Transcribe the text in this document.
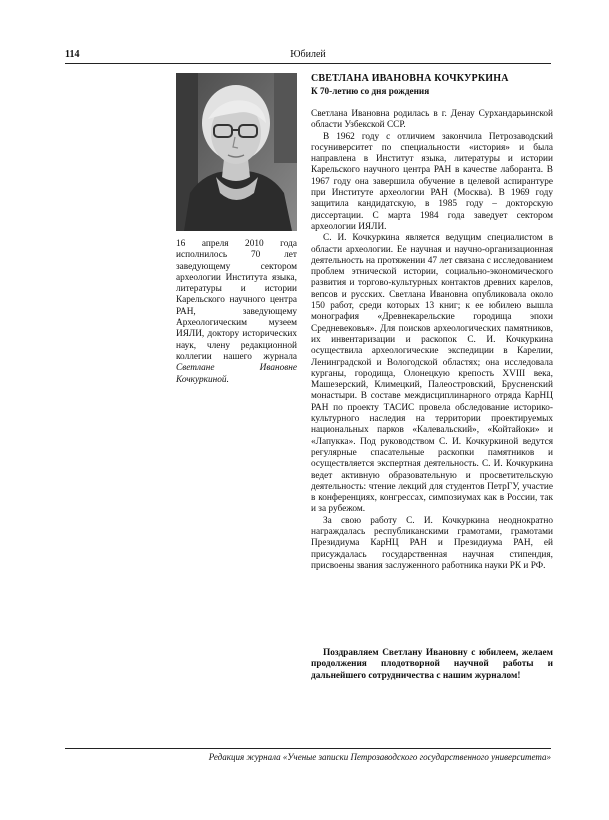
114	Юбилей
16 апреля 2010 года исполнилось 70 лет заведующему сектором археологии Института языка, литературы и истории Карельского научного центра РАН, заведующему Археологическим музеем ИЯЛИ, доктору исторических наук, члену редакционной коллегии нашего журнала Светлане Ивановне Кочкуркиной.
СВЕТЛАНА ИВАНОВНА КОЧКУРКИНА
К 70-летию со дня рождения

Светлана Ивановна родилась в г. Денау Сурхандарьинской области Узбекской ССР.

В 1962 году с отличием закончила Петрозаводский госуниверситет по специальности «история» и была направлена в Институт языка, литературы и истории Карельского научного центра РАН в качестве лаборанта. В 1967 году она завершила обучение в целевой аспирантуре при Институте археологии РАН (Москва). В 1969 году защитила кандидатскую, в 1985 году – докторскую диссертации. С марта 1984 года заведует сектором археологии ИЯЛИ.

С. И. Кочкуркина является ведущим специалистом в области археологии. Ее научная и научно-организационная деятельность на протяжении 47 лет связана с исследованием проблем этнической истории, социально-экономического развития и торгово-культурных контактов древних карелов, вепсов и русских. Светлана Ивановна опубликовала около 150 работ, среди которых 13 книг; к ее юбилею вышла монография «Древнекарельские городища эпохи Средневековья». Для поисков археологических памятников, их инвентаризации и раскопок С. И. Кочкуркина осуществила археологические экспедиции в Карелии, Ленинградской и Вологодской областях; она исследовала курганы, городища, Олонецкую крепость XVIII века, Машезерский, Климецкий, Палеостровский, Брусненский монастыри. В составе междисциплинарного отряда КарНЦ РАН по проекту ТАСИС провела обследование историко-культурного наследия на территории проектируемых национальных парков «Калевальский», «Койтайоки» и «Лапукка». Под руководством С. И. Кочкуркиной ведутся регулярные спасательные раскопки памятников и осуществляется экспертная деятельность. С. И. Кочкуркина ведет активную образовательную и просветительскую деятельность: чтение лекций для студентов ПетрГУ, участие в конференциях, конгрессах, симпозиумах как в России, так и за рубежом.

За свою работу С. И. Кочкуркина неоднократно награждалась республиканскими грамотами, грамотами Президиума КарНЦ РАН и Президиума РАН, ей присуждалась государственная научная стипендия, присвоены звания заслуженного работника науки РК и РФ.

Поздравляем Светлану Ивановну с юбилеем, желаем продолжения плодотворной научной работы и дальнейшего сотрудничества с нашим журналом!
Редакция журнала «Ученые записки Петрозаводского государственного университета»
